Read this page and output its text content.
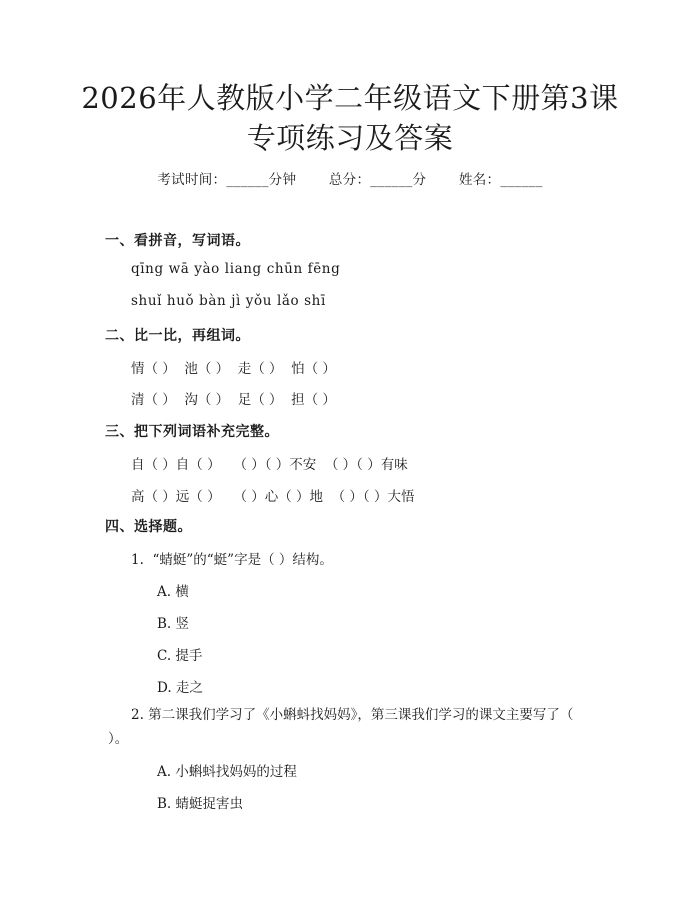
2026年人教版小学二年级语文下册第3课专项练习及答案
考试时间：______分钟 总分：______分 姓名：______
一、看拼音，写词语。
qīng wā yào liang chūn fēng
shuǐ huǒ bàn jì yǒu lǎo shī
二、比一比，再组词。
情（ ）  池（ ）  走（ ）  怕（ ）
清（ ）  沟（ ）  足（ ）  担（ ）
三、把下列词语补充完整。
自（ ）自（ ）   （ ）（ ）不安  （ ）（ ）有味
高（ ）远（ ）   （ ）心（ ）地  （ ）（ ）大悟
四、选择题。
1.  “蜻蜓”的“蜓”字是（ ）结构。
A. 横
B. 竖
C. 提手
D. 走之
2. 第二课我们学习了《小蝌蚪找妈妈》，第三课我们学习的课文主要写了（ ）。
A. 小蝌蚪找妈妈的过程
B. 蜻蜓捉害虫
